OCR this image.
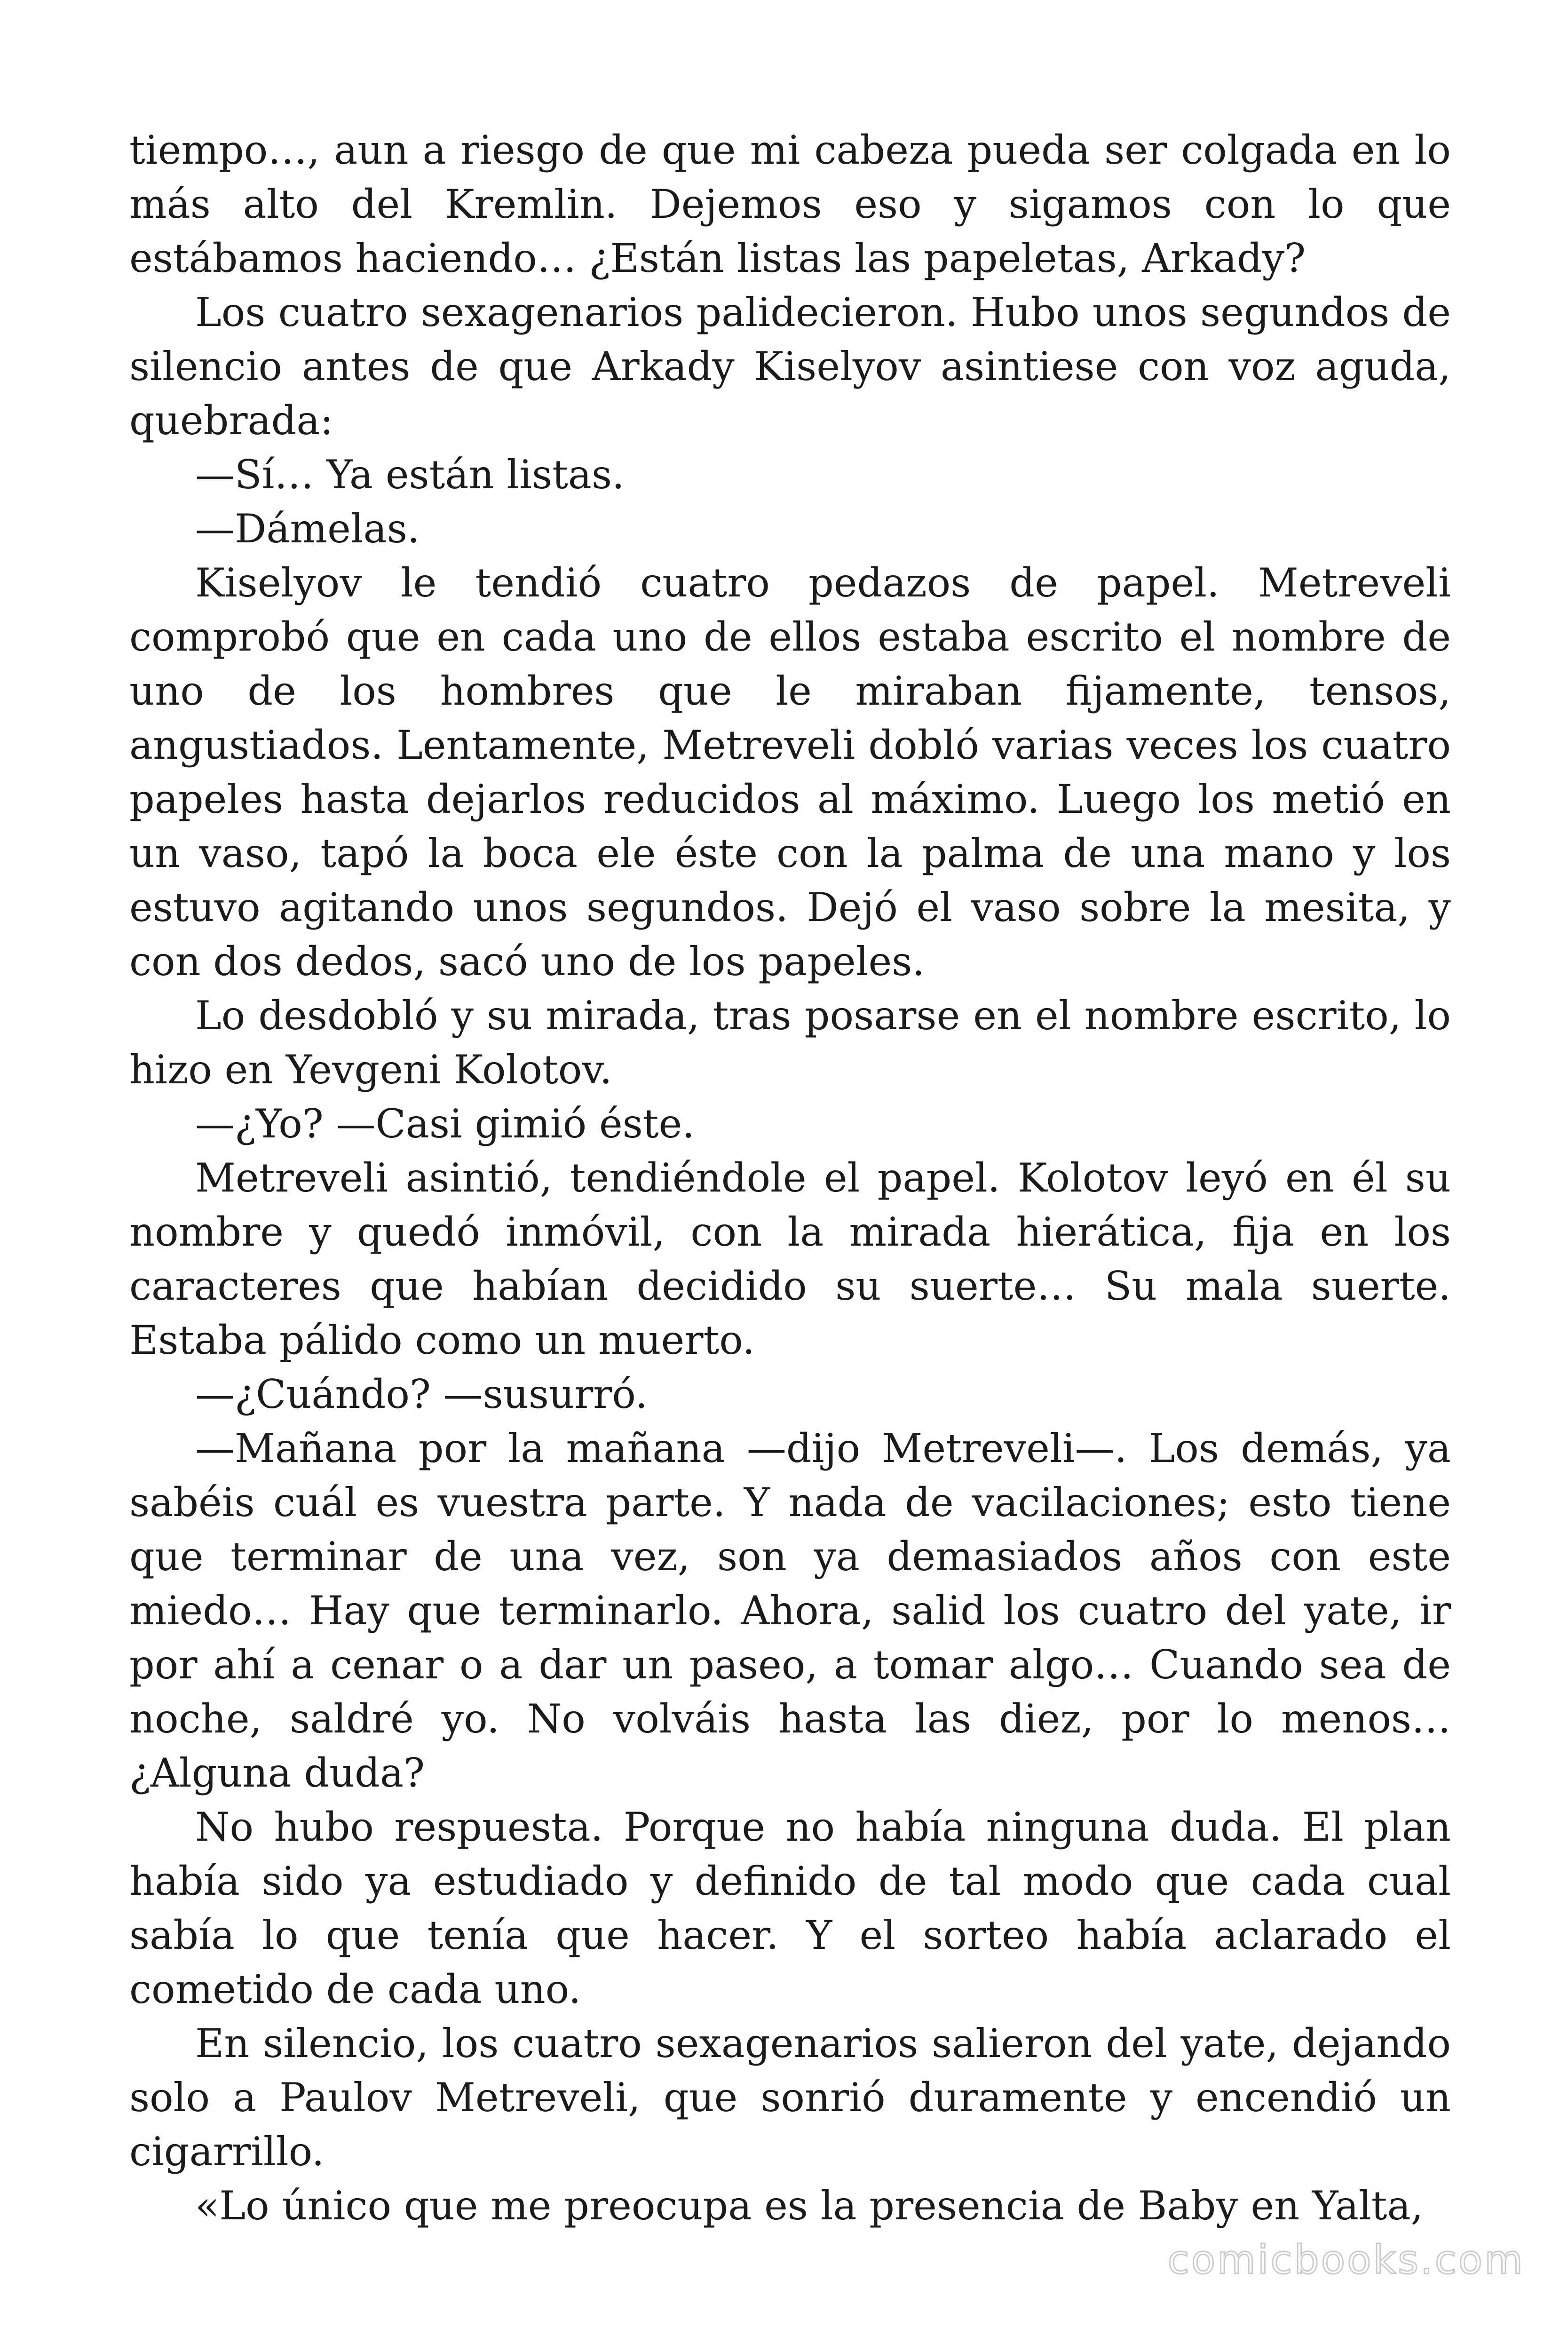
tiempo…, aun a riesgo de que mi cabeza pueda ser colgada en lo más alto del Kremlin. Dejemos eso y sigamos con lo que estábamos haciendo… ¿Están listas las papeletas, Arkady?

Los cuatro sexagenarios palidecieron. Hubo unos segundos de silencio antes de que Arkady Kiselyov asintiese con voz aguda, quebrada:

—Sí… Ya están listas.

—Dámelas.

Kiselyov le tendió cuatro pedazos de papel. Metreveli comprobó que en cada uno de ellos estaba escrito el nombre de uno de los hombres que le miraban fijamente, tensos, angustiados. Lentamente, Metreveli dobló varias veces los cuatro papeles hasta dejarlos reducidos al máximo. Luego los metió en un vaso, tapó la boca ele éste con la palma de una mano y los estuvo agitando unos segundos. Dejó el vaso sobre la mesita, y con dos dedos, sacó uno de los papeles.

Lo desdobló y su mirada, tras posarse en el nombre escrito, lo hizo en Yevgeni Kolotov.

—¿Yo? —Casi gimió éste.

Metreveli asintió, tendiéndole el papel. Kolotov leyó en él su nombre y quedó inmóvil, con la mirada hierática, fija en los caracteres que habían decidido su suerte… Su mala suerte. Estaba pálido como un muerto.

—¿Cuándo? —susurró.

—Mañana por la mañana —dijo Metreveli—. Los demás, ya sabéis cuál es vuestra parte. Y nada de vacilaciones; esto tiene que terminar de una vez, son ya demasiados años con este miedo… Hay que terminarlo. Ahora, salid los cuatro del yate, ir por ahí a cenar o a dar un paseo, a tomar algo… Cuando sea de noche, saldré yo. No volváis hasta las diez, por lo menos… ¿Alguna duda?

No hubo respuesta. Porque no había ninguna duda. El plan había sido ya estudiado y definido de tal modo que cada cual sabía lo que tenía que hacer. Y el sorteo había aclarado el cometido de cada uno.

En silencio, los cuatro sexagenarios salieron del yate, dejando solo a Paulov Metreveli, que sonrió duramente y encendió un cigarrillo.

«Lo único que me preocupa es la presencia de Baby en Yalta,

comicbooks.com
